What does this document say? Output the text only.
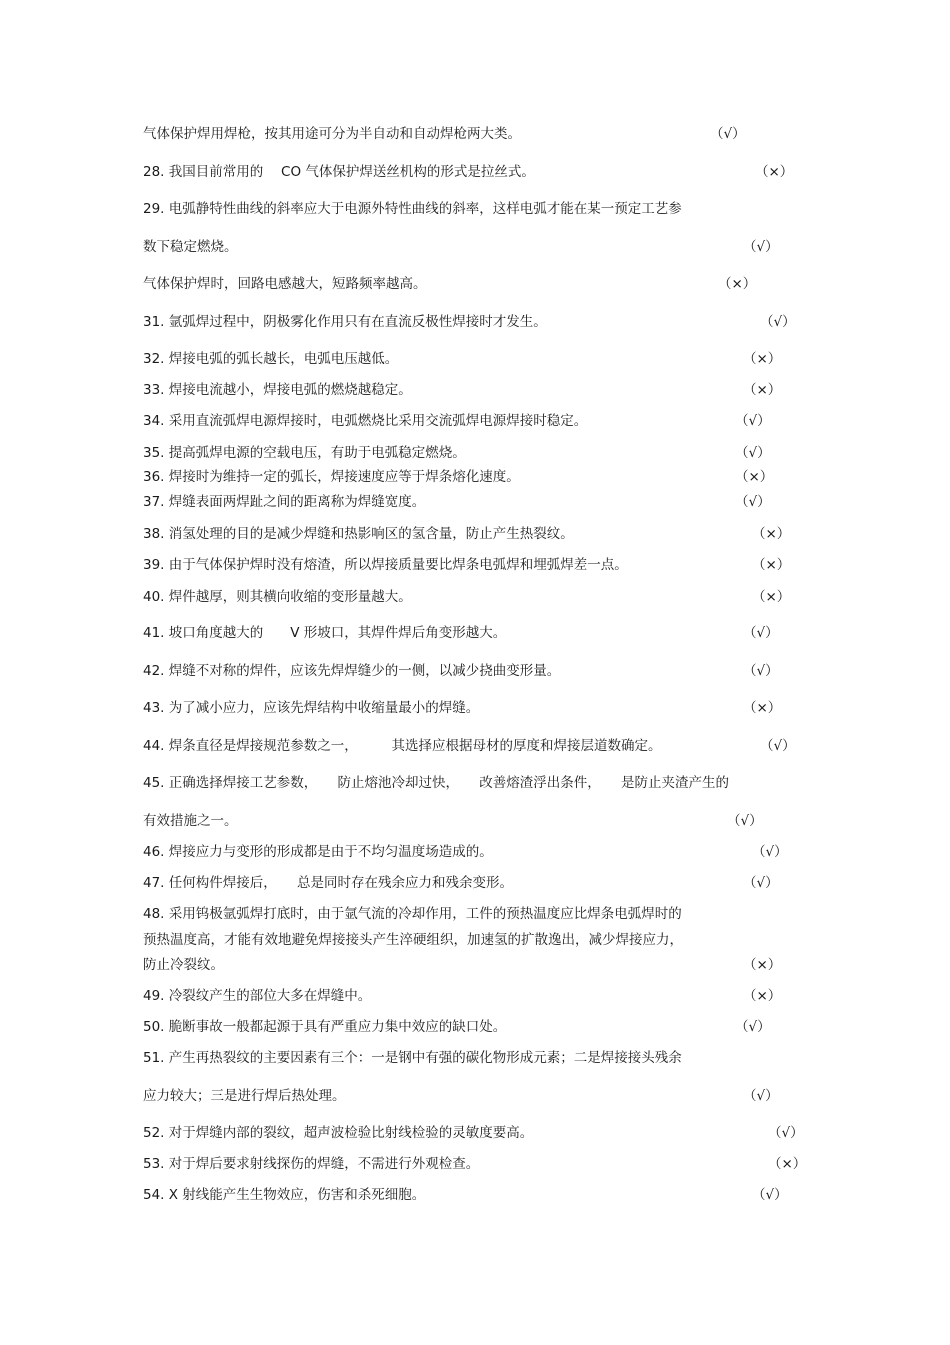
气体保护焊用焊枪，按其用途可分为半自动和自动焊枪两大类。	（√）
28. 我国目前常用的　 CO 气体保护焊送丝机构的形式是拉丝式。	（×）
29. 电弧静特性曲线的斜率应大于电源外特性曲线的斜率，这样电弧才能在某一预定工艺参
数下稳定燃烧。	（√）
气体保护焊时，回路电感越大，短路频率越高。	（×）
31. 氩弧焊过程中，阴极雾化作用只有在直流反极性焊接时才发生。	（√）
32. 焊接电弧的弧长越长，电弧电压越低。	（×）
33. 焊接电流越小，焊接电弧的燃烧越稳定。	（×）
34. 采用直流弧焊电源焊接时，电弧燃烧比采用交流弧焊电源焊接时稳定。	（√）
35. 提高弧焊电源的空载电压，有助于电弧稳定燃烧。	（√）
36. 焊接时为维持一定的弧长，焊接速度应等于焊条熔化速度。	（×）
37. 焊缝表面两焊趾之间的距离称为焊缝宽度。	（√）
38. 消氢处理的目的是减少焊缝和热影响区的氢含量，防止产生热裂纹。	（×）
39. 由于气体保护焊时没有熔渣，所以焊接质量要比焊条电弧焊和埋弧焊差一点。	（×）
40. 焊件越厚，则其横向收缩的变形量越大。	（×）
41. 坡口角度越大的　　V 形坡口，其焊件焊后角变形越大。	（√）
42. 焊缝不对称的焊件，应该先焊焊缝少的一侧，以减少挠曲变形量。	（√）
43. 为了减小应力，应该先焊结构中收缩量最小的焊缝。	（×）
44. 焊条直径是焊接规范参数之一，　　　其选择应根据母材的厚度和焊接层道数确定。	（√）
45. 正确选择焊接工艺参数，　　防止熔池冷却过快，　　改善熔渣浮出条件，　　是防止夹渣产生的
有效措施之一。	（√）
46. 焊接应力与变形的形成都是由于不均匀温度场造成的。	（√）
47. 任何构件焊接后，　　总是同时存在残余应力和残余变形。	（√）
48. 采用钨极氩弧焊打底时，由于氩气流的冷却作用，工件的预热温度应比焊条电弧焊时的
预热温度高，才能有效地避免焊接接头产生淬硬组织，加速氢的扩散逸出，减少焊接应力，
防止冷裂纹。	（×）
49. 冷裂纹产生的部位大多在焊缝中。	（×）
50. 脆断事故一般都起源于具有严重应力集中效应的缺口处。	（√）
51. 产生再热裂纹的主要因素有三个：一是钢中有强的碳化物形成元素；二是焊接接头残余
应力较大；三是进行焊后热处理。	（√）
52. 对于焊缝内部的裂纹，超声波检验比射线检验的灵敏度要高。	（√）
53. 对于焊后要求射线探伤的焊缝，不需进行外观检查。	（×）
54. X 射线能产生生物效应，伤害和杀死细胞。	（√）
